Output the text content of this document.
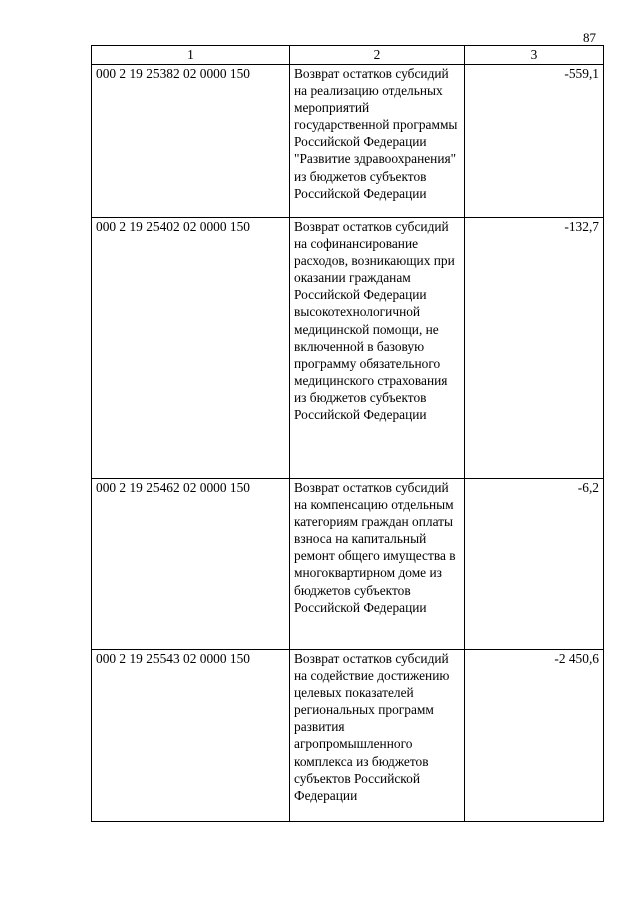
87
1	2	3
000 2 19 25382 02 0000 150	Возврат остатков субсидий на реализацию отдельных мероприятий государственной программы Российской Федерации "Развитие здравоохранения" из бюджетов субъектов Российской Федерации	-559,1
000 2 19 25402 02 0000 150	Возврат остатков субсидий на софинансирование расходов, возникающих при оказании гражданам Российской Федерации высокотехнологичной медицинской помощи, не включенной в базовую программу обязательного медицинского страхования из бюджетов субъектов Российской Федерации	-132,7
000 2 19 25462 02 0000 150	Возврат остатков субсидий на компенсацию отдельным категориям граждан оплаты взноса на капитальный ремонт общего имущества в многоквартирном доме из бюджетов субъектов Российской Федерации	-6,2
000 2 19 25543 02 0000 150	Возврат остатков субсидий на содействие достижению целевых показателей региональных программ развития агропромышленного комплекса из бюджетов субъектов Российской Федерации	-2 450,6
